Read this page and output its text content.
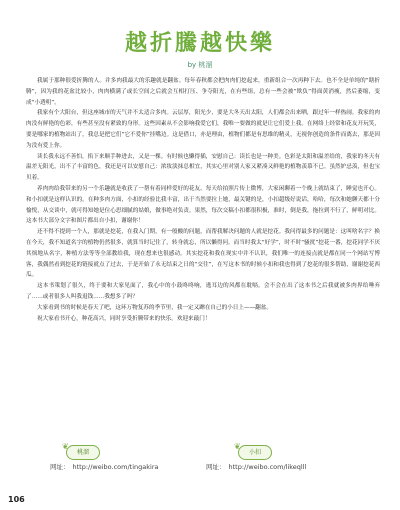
越折騰越快樂
by 桃溜

我属于那种很爱折腾的人。并多肉我最大的乐趣就是翻盆。每年春秋都会把肉肉们挖起来，重新组合一次再种下去。也不全是单纯的“瞎折腾”，因为我的花盆比较小，肉肉横满了或长空间之后就会互相打压、争夺阳光，在有些组，总有一些会被“欺负”得面黄消瘦，然后萎缩，变成“小透明”。

我家有个大阳台，但这座城市的天气并不太适合多肉。云层厚，阳光少，要是大冬天出太阳，人们都会出来晒，跟过年一样热闹。我家的肉肉没有鲜艳的色彩，有些甚至没有紧致的身形。这些因素从不会影响我爱它们，我唯一要做的就是让它们爱上我。在网络上经常和花友开玩笑，要是哪家的植物站出了，我总是把它们“它不爱你”挂嘴边。这是借口，亦是理由，植物们都是有思维的精灵，无视你创造的条件而离去，那是因为没有爱上你。

读长我永远不善怕，掐下来顺手种进去，又是一棵。有时候也懒得插，安慰自己：读长也是一种美。色彩是太阳和温差给的，我家的冬天有温差无阳光，出不了丰富的色，我还是可以安慰自己：浓妆淡抹总相宜，其实心里对别人家又紧凑又鲜艳的植物羡慕不已。虽然妒忌羡，但也宝贝着。

养肉肉给我带来的另一个乐趣就是收获了一帮有着同样爱好的花友。每天给拍照片传上微博，大家闲聊着一个晚上就结束了，睡觉也开心。和小扣就是这样认识的。在种多肉方面，小扣的经验比我丰富，出于当然要拉上她，最关键的是，小扣超级好说话，哈哈，每次和她聊天都十分愉悦，从交谈中，就可得知她是位心思细腻的姑娘，做事绝对负责。果然，每次交稿小扣都很积极，准时，倒是我，拖拉到不行了，鲜明对比。这本书大部分文字和图片都出自小扣，谢谢你！

还不得不提到一个人，那就是挖花，在我入门期，有一般酸的问题，而帮我解决问题的人就是挖花。我问得最多的问题是：这叫啥名字？换在今天，我不知道名字的植物仍然很多，就算当时记住了，转身就忘，所以懒得问。而当时我太“好学”，时不时“骚扰”挖花一番，挖花同学不厌其烦地从名字，种植方法等等全部教给我，现在想来也很感动。其实挖花和我在现实中并不认识，我们唯一的连接点就是都在同一个网站写博客，我偶然看到挖花的链接就点了过去，于是开始了永无结束之日的“交往”，在写这本书的时候小扣和我也得到了挖花的很多帮助，谢谢挖花西瓜。

这本书策划了很久，终于要和大家见面了，我心中的小鼓咚咚响，逃耳边的风都在耽嗝。会不会在出了这本书之后我就被多肉界给唾弃了……或者很多人叫我退钱……我想多了吗？

大家看到书的时候是春天了吧，这环万物复苏的季节里，我一定又蹿在自己的小日上——翻盆。

祝大家看书开心，种花高兴，同时享受折腾带来的快乐。欢迎来敲门！

❦
桃溜
网址： http://weibo.com/tingakira
❦
小扣
网址： http://weibo.com/likeqlll
106
